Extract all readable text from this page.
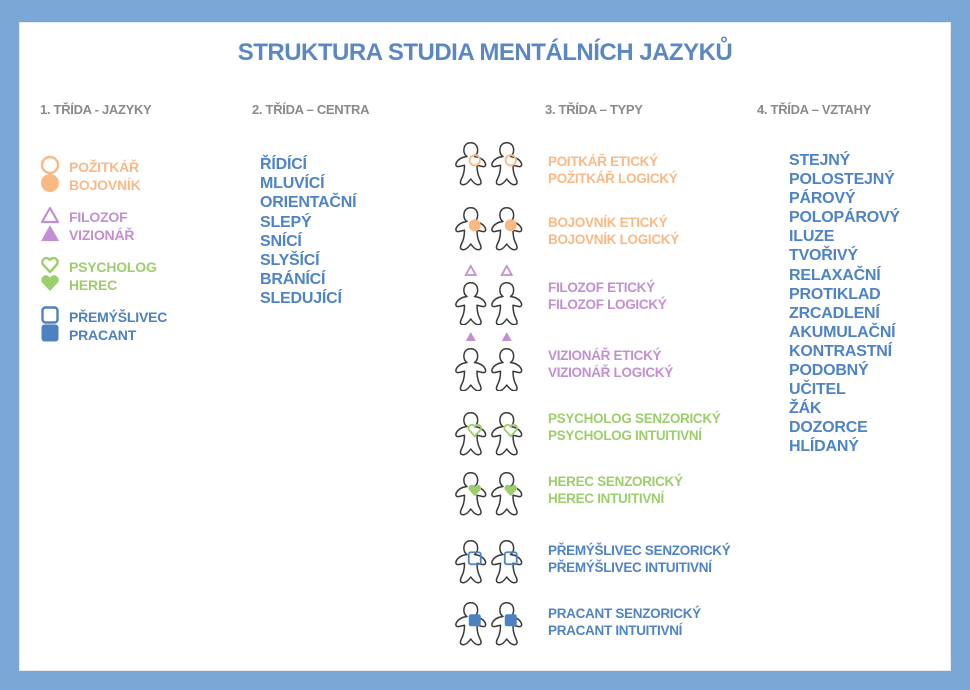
STRUKTURA STUDIA MENTÁLNÍCH JAZYKŮ
1. TŘÍDA - JAZYKY	2. TŘÍDA – CENTRA	3. TŘÍDA – TYPY	4. TŘÍDA – VZTAHY
POŽITKÁŘ
BOJOVNÍK
FILOZOF
VIZIONÁŘ
PSYCHOLOG
HEREC
PŘEMÝŠLIVEC
PRACANT
ŘÍDÍCÍ
MLUVÍCÍ
ORIENTAČNÍ
SLEPÝ
SNÍCÍ
SLYŠÍCÍ
BRÁNÍCÍ
SLEDUJÍCÍ
POITKÁŘ ETICKÝ
POŽITKÁŘ LOGICKÝ
BOJOVNÍK ETICKÝ
BOJOVNÍK LOGICKÝ
FILOZOF ETICKÝ
FILOZOF LOGICKÝ
VIZIONÁŘ ETICKÝ
VIZIONÁŘ LOGICKÝ
PSYCHOLOG SENZORICKÝ
PSYCHOLOG INTUITIVNÍ
HEREC SENZORICKÝ
HEREC INTUITIVNÍ
PŘEMÝŠLIVEC SENZORICKÝ
PŘEMÝŠLIVEC INTUITIVNÍ
PRACANT SENZORICKÝ
PRACANT INTUITIVNÍ
STEJNÝ
POLOSTEJNÝ
PÁROVÝ
POLOPÁROVÝ
ILUZE
TVOŘIVÝ
RELAXAČNÍ
PROTIKLAD
ZRCADLENÍ
AKUMULAČNÍ
KONTRASTNÍ
PODOBNÝ
UČITEL
ŽÁK
DOZORCE
HLÍDANÝ
